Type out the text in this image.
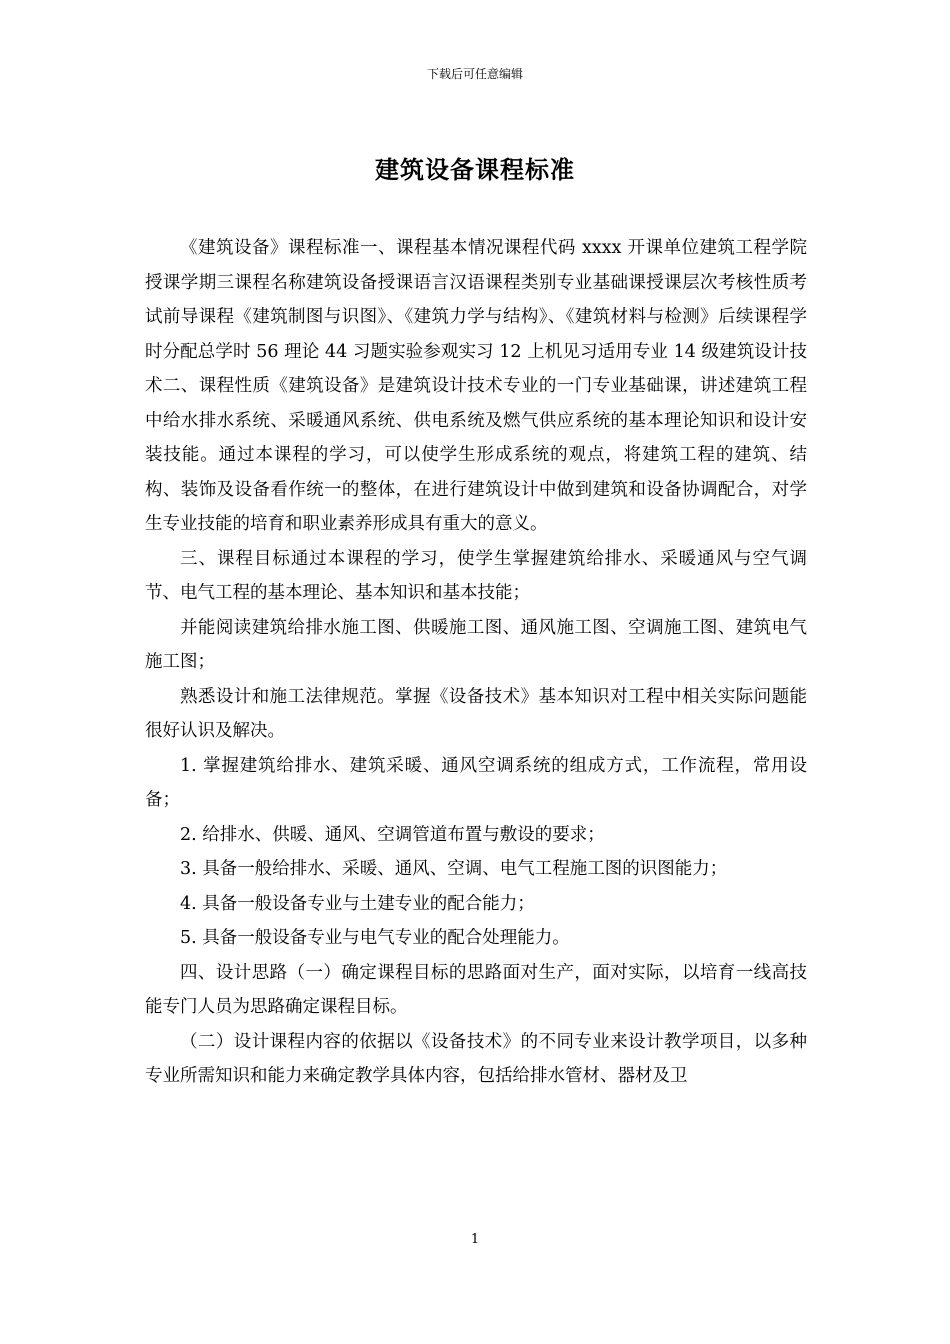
下载后可任意编辑
建筑设备课程标准

《建筑设备》课程标准一、课程基本情况课程代码 xxxx 开课单位建筑工程学院授课学期三课程名称建筑设备授课语言汉语课程类别专业基础课授课层次考核性质考试前导课程《建筑制图与识图》、《建筑力学与结构》、《建筑材料与检测》后续课程学时分配总学时 56 理论 44 习题实验参观实习 12 上机见习适用专业 14 级建筑设计技术二、课程性质《建筑设备》是建筑设计技术专业的一门专业基础课，讲述建筑工程中给水排水系统、采暖通风系统、供电系统及燃气供应系统的基本理论知识和设计安装技能。通过本课程的学习，可以使学生形成系统的观点，将建筑工程的建筑、结构、装饰及设备看作统一的整体，在进行建筑设计中做到建筑和设备协调配合，对学生专业技能的培育和职业素养形成具有重大的意义。

三、课程目标通过本课程的学习，使学生掌握建筑给排水、采暖通风与空气调节、电气工程的基本理论、基本知识和基本技能；

并能阅读建筑给排水施工图、供暖施工图、通风施工图、空调施工图、建筑电气施工图；

熟悉设计和施工法律规范。掌握《设备技术》基本知识对工程中相关实际问题能很好认识及解决。

1. 掌握建筑给排水、建筑采暖、通风空调系统的组成方式，工作流程，常用设备；

2. 给排水、供暖、通风、空调管道布置与敷设的要求；

3. 具备一般给排水、采暖、通风、空调、电气工程施工图的识图能力；

4. 具备一般设备专业与土建专业的配合能力；

5. 具备一般设备专业与电气专业的配合处理能力。

四、设计思路（一）确定课程目标的思路面对生产，面对实际，以培育一线高技能专门人员为思路确定课程目标。

（二）设计课程内容的依据以《设备技术》的不同专业来设计教学项目，以多种专业所需知识和能力来确定教学具体内容，包括给排水管材、器材及卫

1
